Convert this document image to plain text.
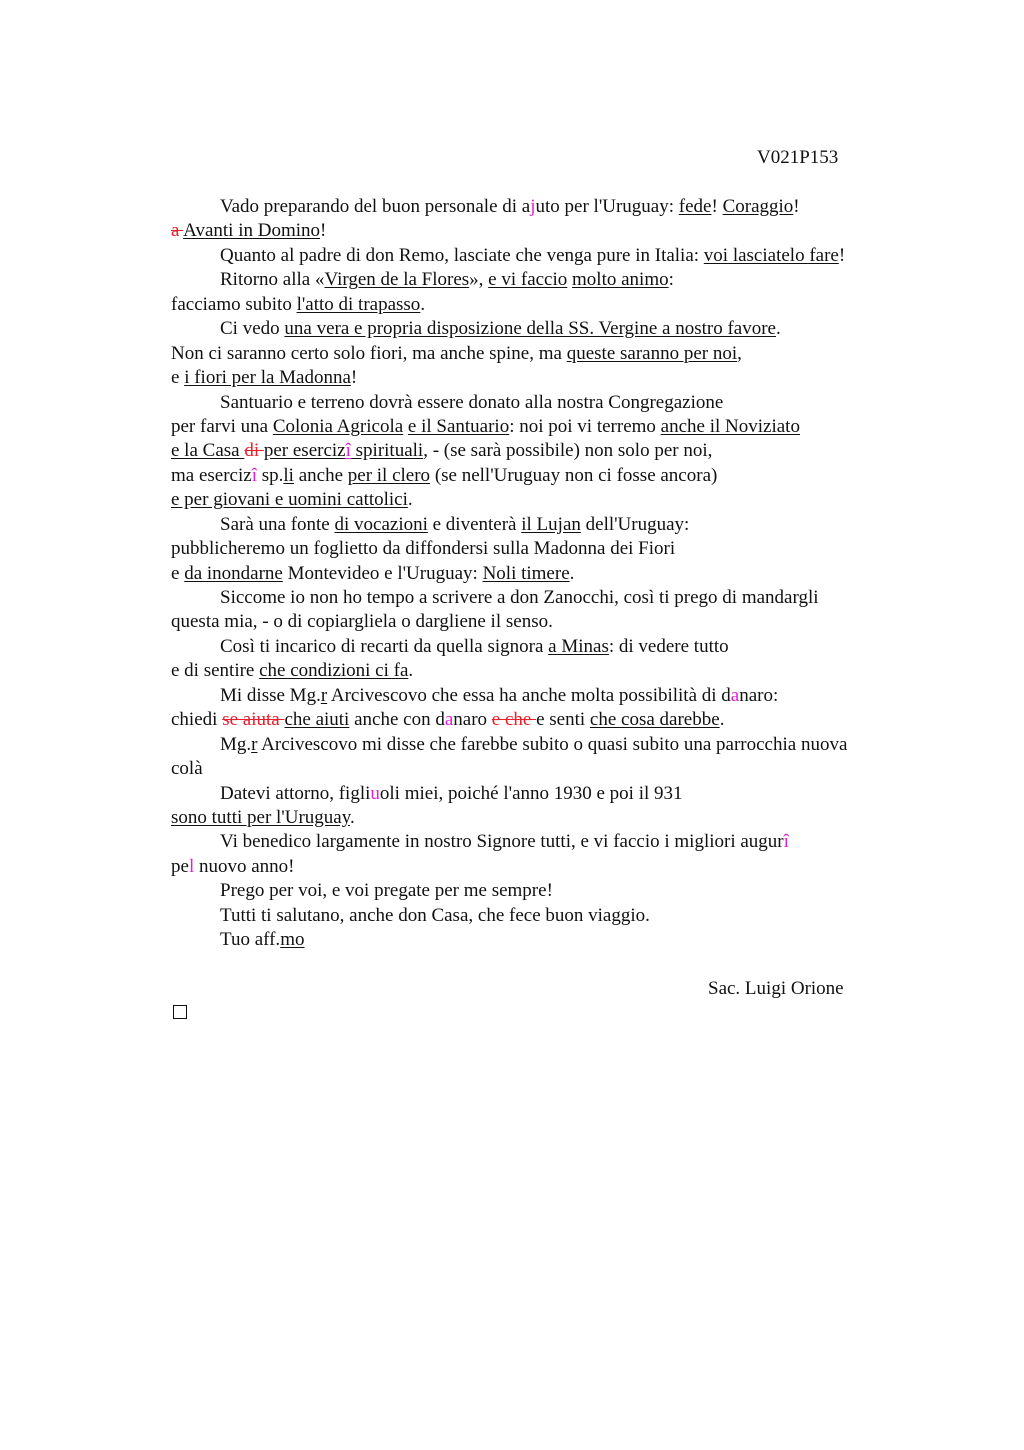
V021P153
Vado preparando del buon personale di ajuto per l'Uruguay: fede! Coraggio!
a Avanti in Domino!
Quanto al padre di don Remo, lasciate che venga pure in Italia: voi lasciatelo fare!
Ritorno alla «Virgen de la Flores», e vi faccio molto animo:
facciamo subito l'atto di trapasso.
Ci vedo una vera e propria disposizione della SS. Vergine a nostro favore.
Non ci saranno certo solo fiori, ma anche spine, ma queste saranno per noi,
e i fiori per la Madonna!
Santuario e terreno dovrà essere donato alla nostra Congregazione
per farvi una Colonia Agricola e il Santuario: noi poi vi terremo anche il Noviziato
e la Casa di per esercizî spirituali, - (se sarà possibile) non solo per noi,
ma esercizî sp.li anche per il clero (se nell'Uruguay non ci fosse ancora)
e per giovani e uomini cattolici.
Sarà una fonte di vocazioni e diventerà il Lujan dell'Uruguay:
pubblicheremo un foglietto da diffondersi sulla Madonna dei Fiori
e da inondarne Montevideo e l'Uruguay: Noli timere.
Siccome io non ho tempo a scrivere a don Zanocchi, così ti prego di mandargli
questa mia, - o di copiargliela o dargliene il senso.
Così ti incarico di recarti da quella signora a Minas: di vedere tutto
e di sentire che condizioni ci fa.
Mi disse Mg.r Arcivescovo che essa ha anche molta possibilità di danaro:
chiedi se aiuta che aiuti anche con danaro e che e senti che cosa darebbe.
Mg.r Arcivescovo mi disse che farebbe subito o quasi subito una parrocchia nuova
colà
Datevi attorno, figliuoli miei, poiché l'anno 1930 e poi il 931
sono tutti per l'Uruguay.
Vi benedico largamente in nostro Signore tutti, e vi faccio i migliori augurî
pel nuovo anno!
Prego per voi, e voi pregate per me sempre!
Tutti ti salutano, anche don Casa, che fece buon viaggio.
Tuo aff.mo
Sac. Luigi Orione
